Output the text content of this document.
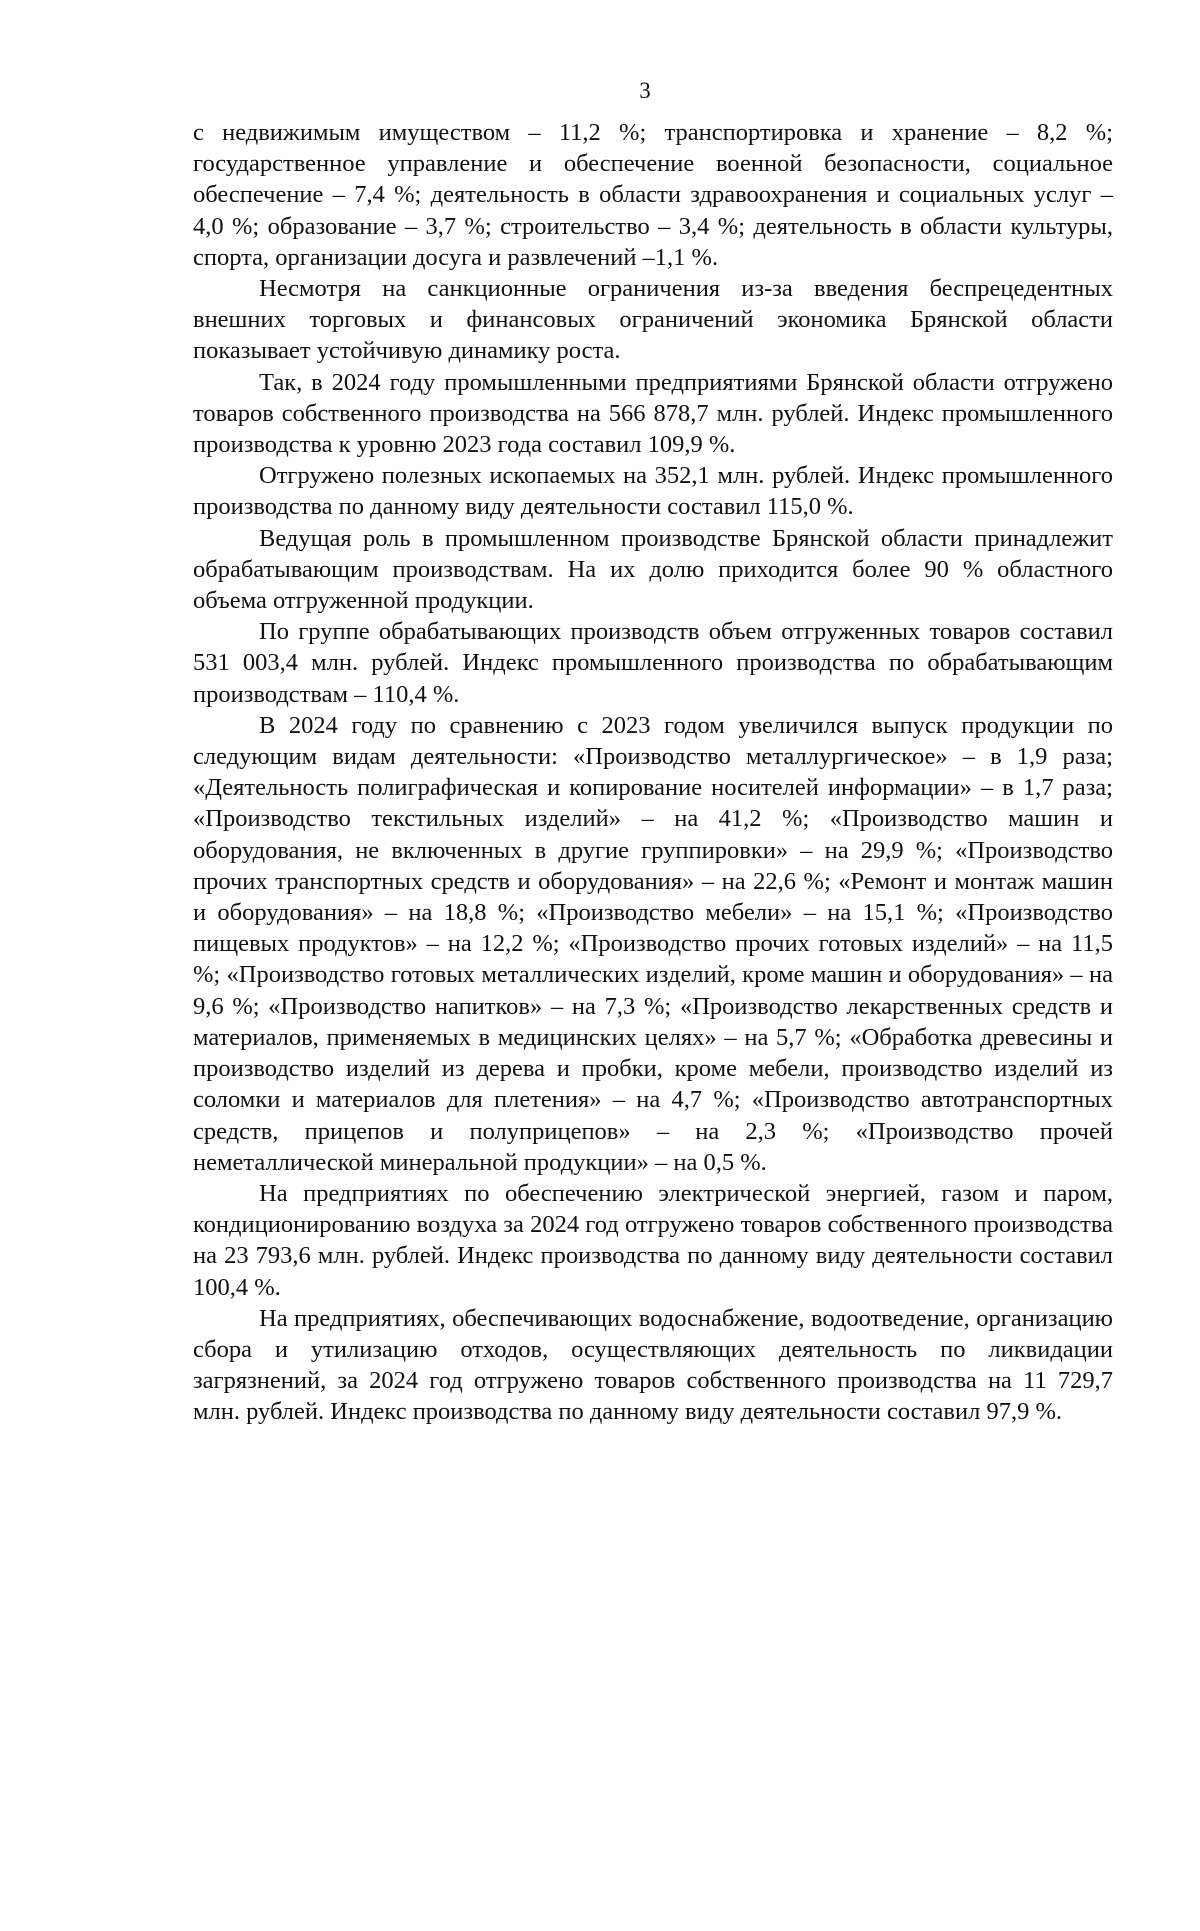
3

с недвижимым имуществом – 11,2 %; транспортировка и хранение – 8,2 %; государственное управление и обеспечение военной безопасности, социальное обеспечение – 7,4 %; деятельность в области здравоохранения и социальных услуг – 4,0 %; образование – 3,7 %; строительство – 3,4 %; деятельность в области культуры, спорта, организации досуга и развлечений –1,1 %.

Несмотря на санкционные ограничения из-за введения беспрецедентных внешних торговых и финансовых ограничений экономика Брянской области показывает устойчивую динамику роста.

Так, в 2024 году промышленными предприятиями Брянской области отгружено товаров собственного производства на 566 878,7 млн. рублей. Индекс промышленного производства к уровню 2023 года составил 109,9 %.

Отгружено полезных ископаемых на 352,1 млн. рублей. Индекс промышленного производства по данному виду деятельности составил 115,0 %.

Ведущая роль в промышленном производстве Брянской области принадлежит обрабатывающим производствам. На их долю приходится более 90 % областного объема отгруженной продукции.

По группе обрабатывающих производств объем отгруженных товаров составил 531 003,4 млн. рублей. Индекс промышленного производства по обрабатывающим производствам – 110,4 %.

В 2024 году по сравнению с 2023 годом увеличился выпуск продукции по следующим видам деятельности: «Производство металлургическое» – в 1,9 раза; «Деятельность полиграфическая и копирование носителей информации» – в 1,7 раза; «Производство текстильных изделий» – на 41,2 %; «Производство машин и оборудования, не включенных в другие группировки» – на 29,9 %; «Производство прочих транспортных средств и оборудования» – на 22,6 %; «Ремонт и монтаж машин и оборудования» – на 18,8 %; «Производство мебели» – на 15,1 %; «Производство пищевых продуктов» – на 12,2 %; «Производство прочих готовых изделий» – на 11,5 %; «Производство готовых металлических изделий, кроме машин и оборудования» – на 9,6 %; «Производство напитков» – на 7,3 %; «Производство лекарственных средств и материалов, применяемых в медицинских целях» – на 5,7 %; «Обработка древесины и производство изделий из дерева и пробки, кроме мебели, производство изделий из соломки и материалов для плетения» – на 4,7 %; «Производство автотранспортных средств, прицепов и полуприцепов» – на 2,3 %; «Производство прочей неметаллической минеральной продукции» – на 0,5 %.

На предприятиях по обеспечению электрической энергией, газом и паром, кондиционированию воздуха за 2024 год отгружено товаров собственного производства на 23 793,6 млн. рублей. Индекс производства по данному виду деятельности составил 100,4 %.

На предприятиях, обеспечивающих водоснабжение, водоотведение, организацию сбора и утилизацию отходов, осуществляющих деятельность по ликвидации загрязнений, за 2024 год отгружено товаров собственного производства на 11 729,7 млн. рублей. Индекс производства по данному виду деятельности составил 97,9 %.
